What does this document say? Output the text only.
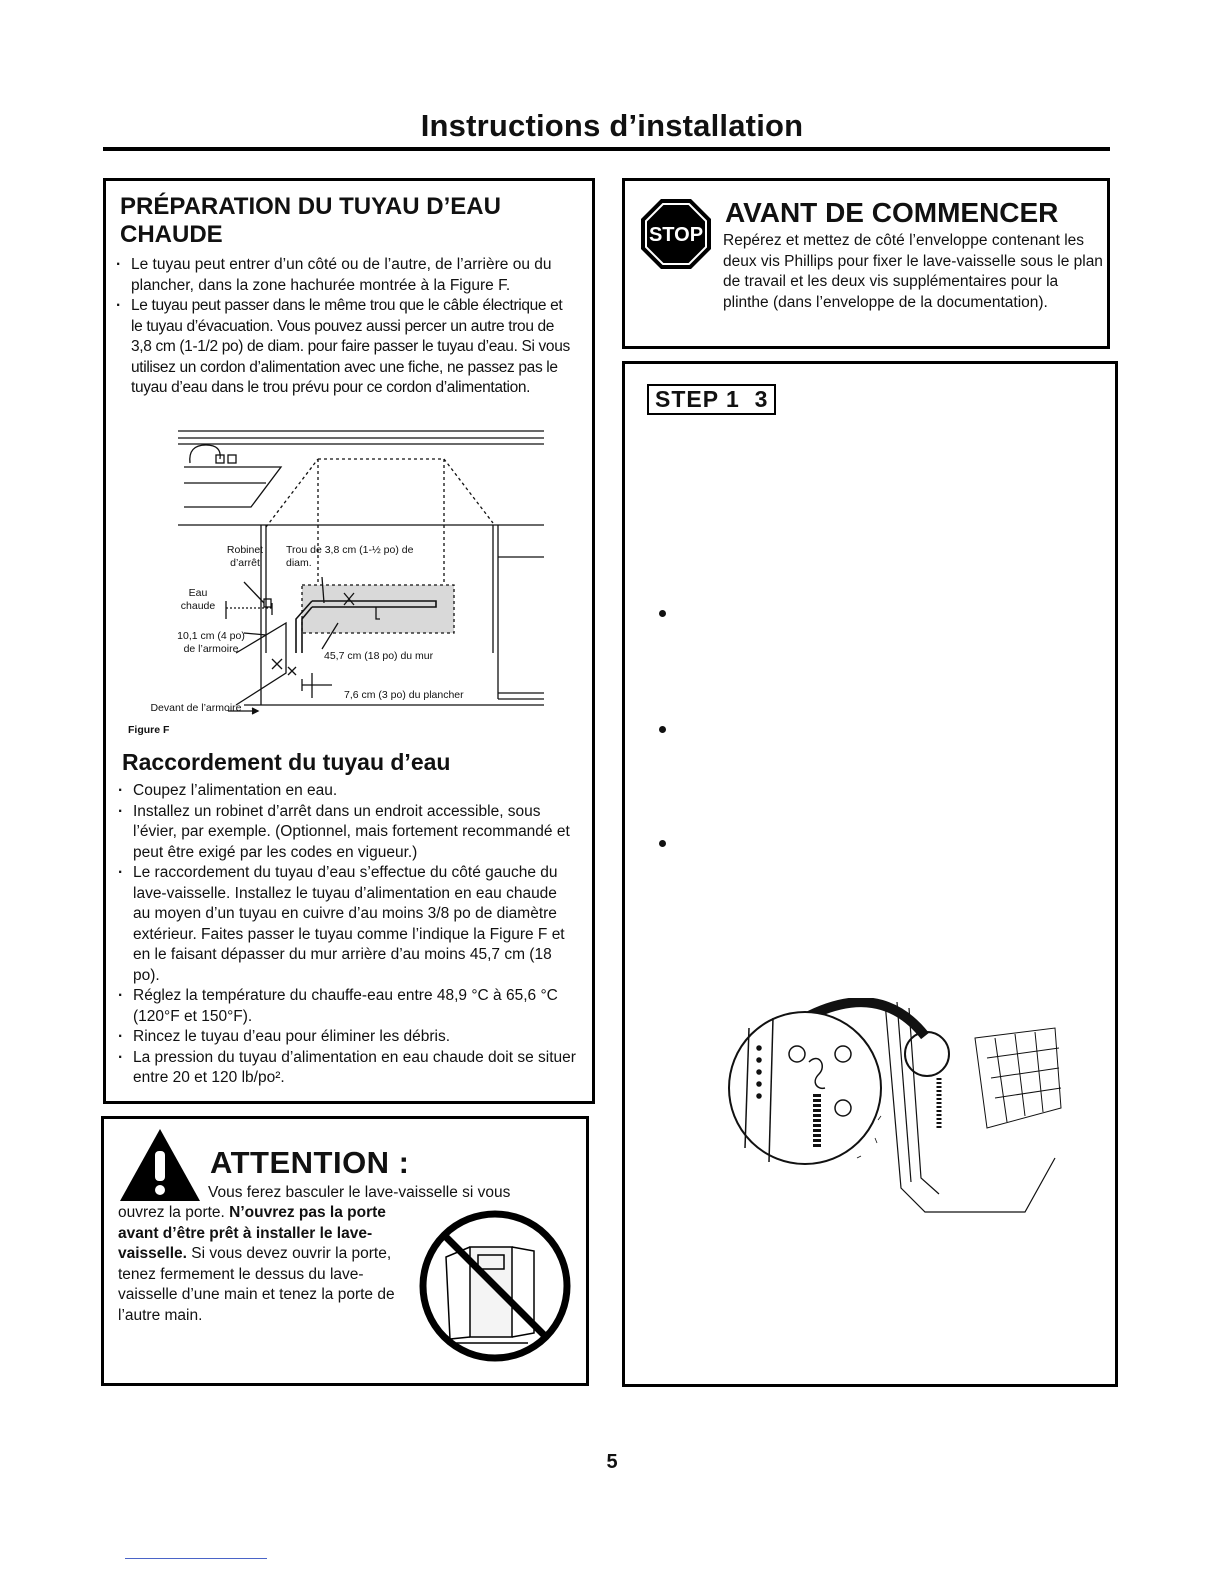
Instructions d’installation
PRÉPARATION DU TUYAU D’EAU CHAUDE
· Le tuyau peut entrer d’un côté ou de l’autre, de l’arrière ou du plancher, dans la zone hachurée montrée à la Figure F.
· Le tuyau peut passer dans le même trou que le câble électrique et le tuyau d’évacuation. Vous pouvez aussi percer un autre trou de 3,8 cm (1-1/2 po) de diam. pour faire passer le tuyau d’eau. Si vous utilisez un cordon d’alimentation avec une fiche, ne passez pas le tuyau d’eau dans le trou prévu pour ce cordon d’alimentation.
Robinet d’arrêt
Trou de 3,8 cm (1-½ po) de diam.
Eau chaude
10,1 cm (4 po) de l’armoire
45,7 cm (18 po) du mur
7,6 cm (3 po) du plancher
Devant de l’armoire
Figure F
Raccordement du tuyau d’eau
· Coupez l’alimentation en eau.
· Installez un robinet d’arrêt dans un endroit accessible, sous l’évier, par exemple. (Optionnel, mais fortement recommandé et peut être exigé par les codes en vigueur.)
· Le raccordement du tuyau d’eau s’effectue du côté gauche du lave-vaisselle. Installez le tuyau d’alimentation en eau chaude au moyen d’un tuyau en cuivre d’au moins 3/8 po de diamètre extérieur. Faites passer le tuyau comme l’indique la Figure F et en le faisant dépasser du mur arrière d’au moins 45,7 cm (18 po).
· Réglez la température du chauffe-eau entre 48,9 °C à 65,6 °C (120°F et 150°F).
· Rincez le tuyau d’eau pour éliminer les débris.
· La pression du tuyau d’alimentation en eau chaude doit se situer entre 20 et 120 lb/po².
ATTENTION :
Vous ferez basculer le lave-vaisselle si vous
ouvrez la porte. N’ouvrez pas la porte avant d’être prêt à installer le lave-vaisselle. Si vous devez ouvrir la porte, tenez fermement le dessus du lave-vaisselle d’une main et tenez la porte de l’autre main.
STOP
AVANT DE COMMENCER
Repérez et mettez de côté l’enveloppe contenant les deux vis Phillips pour fixer le lave-vaisselle sous le plan de travail et les deux vis supplémentaires pour la plinthe (dans l’enveloppe de la documentation).
STEP 1  3
5
